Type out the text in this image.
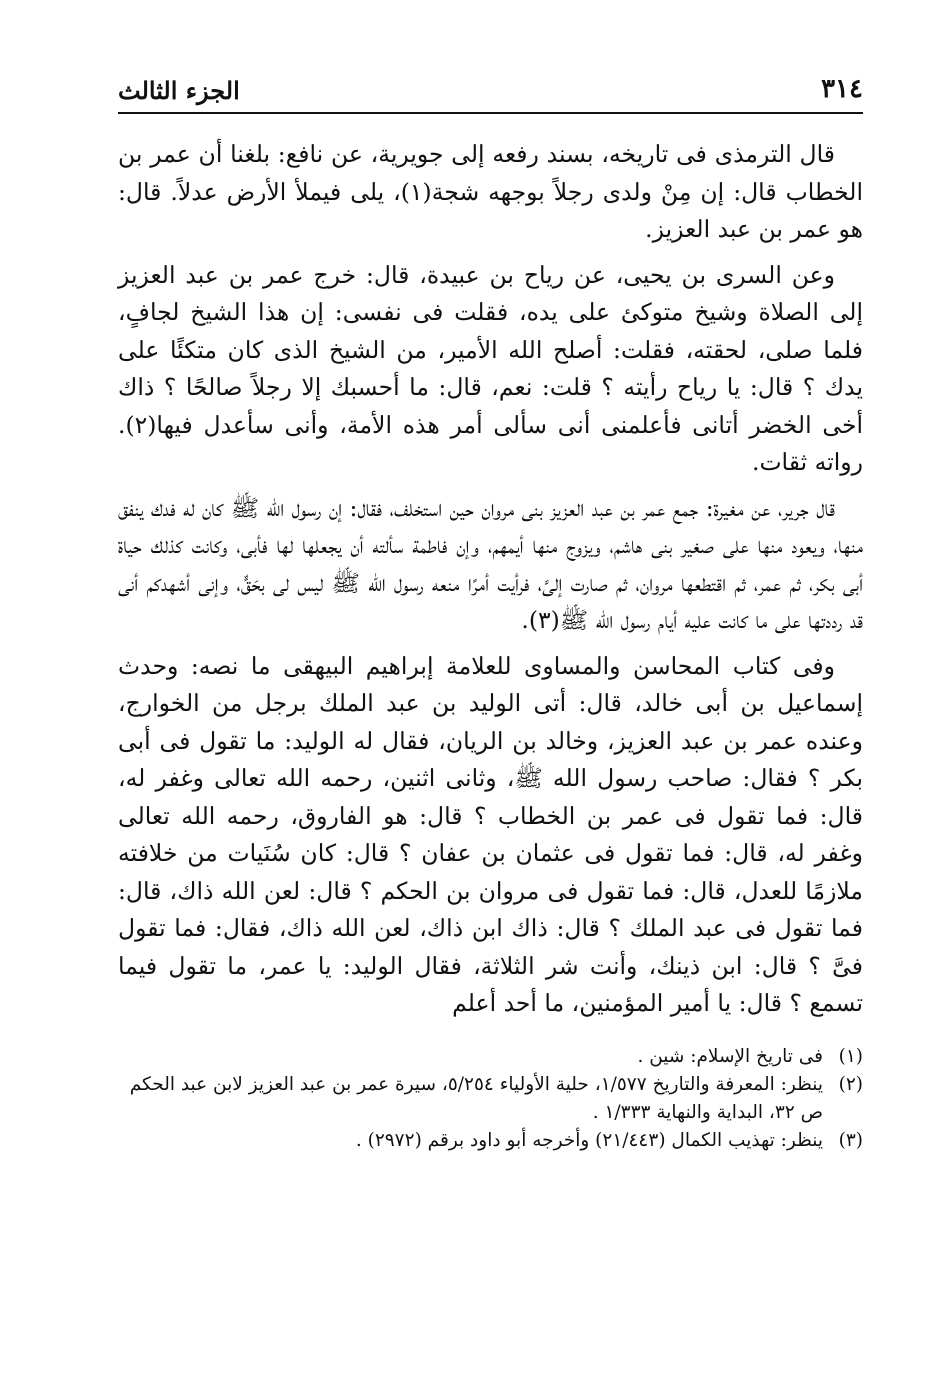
٣١٤
الجزء الثالث

قال الترمذى فى تاريخه، بسند رفعه إلى جويرية، عن نافع: بلغنا أن عمر بن الخطاب قال: إن مِنْ ولدى رجلاً بوجهه شجة(١)، يلى فيملأ الأرض عدلاً. قال: هو عمر بن عبد العزيز.

وعن السرى بن يحيى، عن رياح بن عبيدة، قال: خرج عمر بن عبد العزيز إلى الصلاة وشيخ متوكئ على يده، فقلت فى نفسى: إن هذا الشيخ لجافٍ، فلما صلى، لحقته، فقلت: أصلح الله الأمير، من الشيخ الذى كان متكئًا على يدك ؟ قال: يا رياح رأيته ؟ قلت: نعم، قال: ما أحسبك إلا رجلاً صالحًا ؟ ذاك أخى الخضر أتانى فأعلمنى أنى سألى أمر هذه الأمة، وأنى سأعدل فيها(٢). رواته ثقات.

قال جرير، عن مغيرة: جمع عمر بن عبد العزيز بنى مروان حين استخلف، فقال: إن رسول الله ﷺ كان له فدك ينفق منها، ويعود منها على صغير بنى هاشم، ويزوج منها أيمهم، وإن فاطمة سألته أن يجعلها لها فأبى، وكانت كذلك حياة أبى بكر، ثم عمر، ثم اقتطعها مروان، ثم صارت إلىَّ، فرأيت أمرًا منعه رسول الله ﷺ ليس لى بحَقٍّ، وإنى أشهدكم أنى قد رددتها على ما كانت عليه أيام رسول الله ﷺ(٣).

وفى كتاب المحاسن والمساوى للعلامة إبراهيم البيهقى ما نصه: وحدث إسماعيل بن أبى خالد، قال: أتى الوليد بن عبد الملك برجل من الخوارج، وعنده عمر بن عبد العزيز، وخالد بن الريان، فقال له الوليد: ما تقول فى أبى بكر ؟ فقال: صاحب رسول الله ﷺ، وثانى اثنين، رحمه الله تعالى وغفر له، قال: فما تقول فى عمر بن الخطاب ؟ قال: هو الفاروق، رحمه الله تعالى وغفر له، قال: فما تقول فى عثمان بن عفان ؟ قال: كان سُنَيات من خلافته ملازمًا للعدل، قال: فما تقول فى مروان بن الحكم ؟ قال: لعن الله ذاك، قال: فما تقول فى عبد الملك ؟ قال: ذاك ابن ذاك، لعن الله ذاك، فقال: فما تقول فىَّ ؟ قال: ابن ذينك، وأنت شر الثلاثة، فقال الوليد: يا عمر، ما تقول فيما تسمع ؟ قال: يا أمير المؤمنين، ما أحد أعلم

(١)
فى تاريخ الإسلام: شين .
(٢)
ينظر: المعرفة والتاريخ ١/٥٧٧، حلية الأولياء ٥/٢٥٤، سيرة عمر بن عبد العزيز لابن عبد الحكم ص ٣٢، البداية والنهاية ١/٣٣٣ .
(٣)
ينظر: تهذيب الكمال (٢١/٤٤٣) وأخرجه أبو داود برقم (٢٩٧٢) .
